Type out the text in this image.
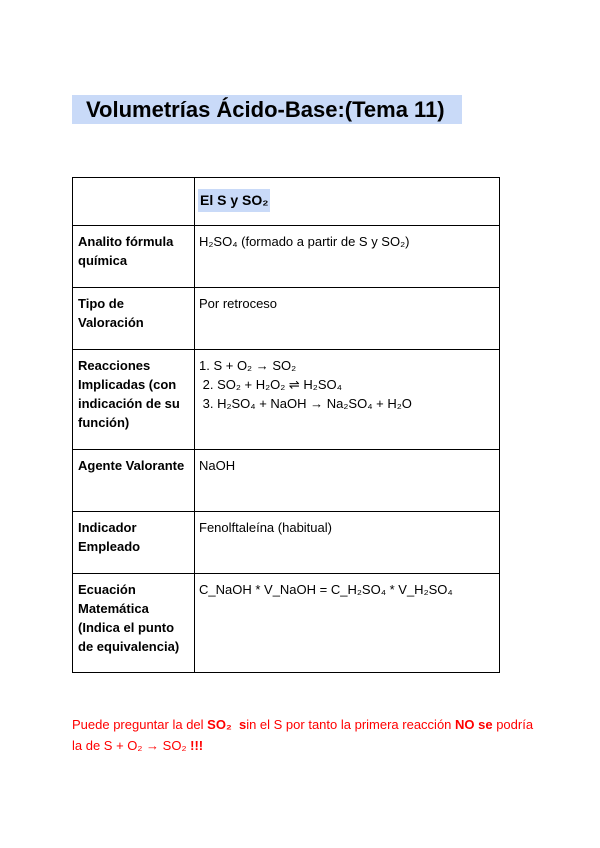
Volumetrías Ácido-Base:(Tema 11)
	El S y SO₂

Analito fórmula química	H₂SO₄ (formado a partir de S y SO₂)

Tipo de Valoración	Por retroceso

Reacciones Implicadas (con indicación de su función)	1. S + O₂ → SO₂
2. SO₂ + H₂O₂ ⇌ H₂SO₄
3. H₂SO₄ + NaOH → Na₂SO₄ + H₂O

Agente Valorante	NaOH

Indicador Empleado	Fenolftaleína (habitual)

Ecuación Matemática (Indica el punto de equivalencia)	C_NaOH * V_NaOH = C_H₂SO₄ * V_H₂SO₄
Puede preguntar la del SO₂ sin el S por tanto la primera reacción NO se podría la de S + O₂ → SO₂ !!!
